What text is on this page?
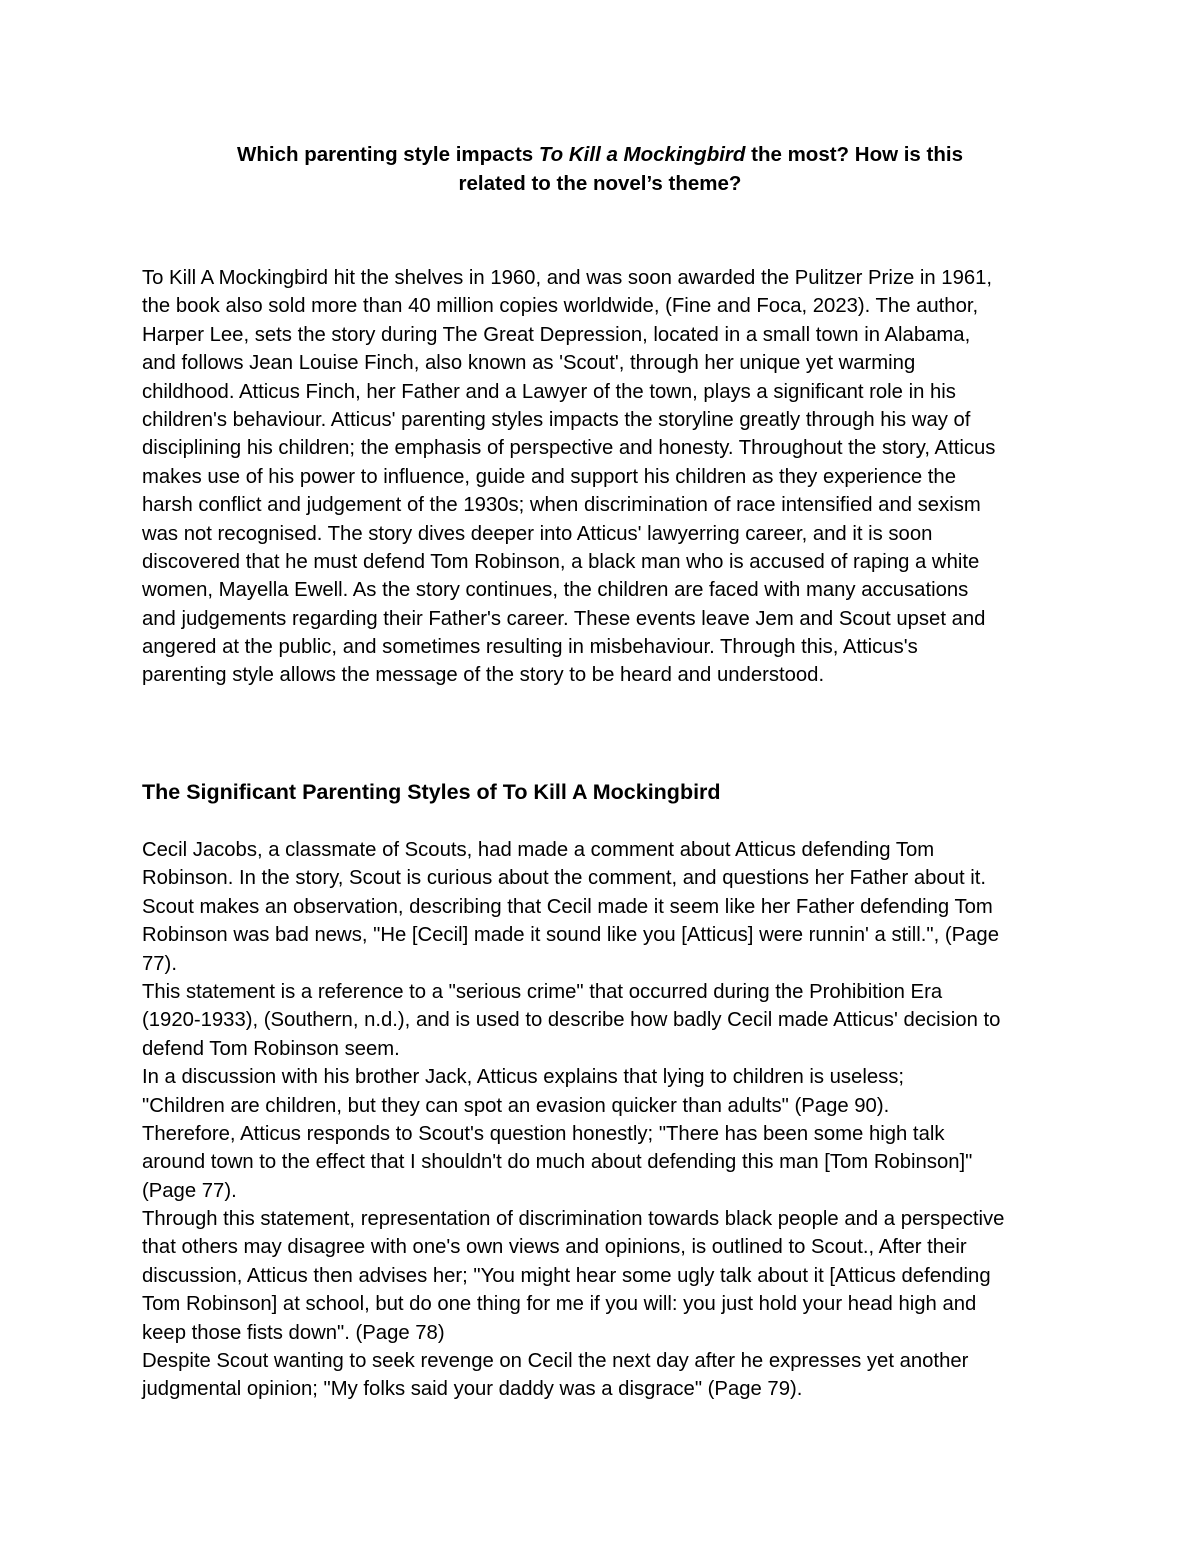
Which parenting style impacts To Kill a Mockingbird the most? How is this
related to the novel’s theme?
To Kill A Mockingbird hit the shelves in 1960, and was soon awarded the Pulitzer Prize in 1961,
the book also sold more than 40 million copies worldwide, (Fine and Foca, 2023). The author,
Harper Lee, sets the story during The Great Depression, located in a small town in Alabama,
and follows Jean Louise Finch, also known as 'Scout', through her unique yet warming
childhood. Atticus Finch, her Father and a Lawyer of the town, plays a significant role in his
children's behaviour. Atticus' parenting styles impacts the storyline greatly through his way of
disciplining his children; the emphasis of perspective and honesty. Throughout the story, Atticus
makes use of his power to influence, guide and support his children as they experience the
harsh conflict and judgement of the 1930s; when discrimination of race intensified and sexism
was not recognised. The story dives deeper into Atticus' lawyerring career, and it is soon
discovered that he must defend Tom Robinson, a black man who is accused of raping a white
women, Mayella Ewell. As the story continues, the children are faced with many accusations
and judgements regarding their Father's career. These events leave Jem and Scout upset and
angered at the public, and sometimes resulting in misbehaviour. Through this, Atticus's
parenting style allows the message of the story to be heard and understood.
The Significant Parenting Styles of To Kill A Mockingbird
Cecil Jacobs, a classmate of Scouts, had made a comment about Atticus defending Tom
Robinson. In the story, Scout is curious about the comment, and questions her Father about it.
Scout makes an observation, describing that Cecil made it seem like her Father defending Tom
Robinson was bad news, "He [Cecil] made it sound like you [Atticus] were runnin' a still.", (Page
77).
This statement is a reference to a "serious crime" that occurred during the Prohibition Era
(1920-1933), (Southern, n.d.), and is used to describe how badly Cecil made Atticus' decision to
defend Tom Robinson seem.
In a discussion with his brother Jack, Atticus explains that lying to children is useless;
"Children are children, but they can spot an evasion quicker than adults" (Page 90).
Therefore, Atticus responds to Scout's question honestly; "There has been some high talk
around town to the effect that I shouldn't do much about defending this man [Tom Robinson]"
(Page 77).
Through this statement, representation of discrimination towards black people and a perspective
that others may disagree with one's own views and opinions, is outlined to Scout., After their
discussion, Atticus then advises her; "You might hear some ugly talk about it [Atticus defending
Tom Robinson] at school, but do one thing for me if you will: you just hold your head high and
keep those fists down". (Page 78)
Despite Scout wanting to seek revenge on Cecil the next day after he expresses yet another
judgmental opinion; "My folks said your daddy was a disgrace" (Page 79).
